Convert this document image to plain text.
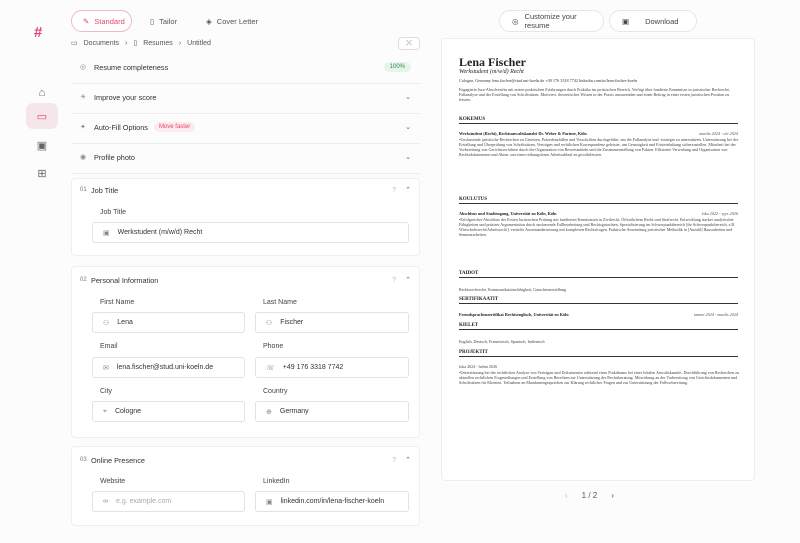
#
⌂
▭
▣
⊞
✎ Standard	▯ Tailor	◈ Cover Letter	◎ Customize your resume	▣ Download
▭ Documents › ▯ Resumes › Untitled	⤫
◎	Resume completeness	100%
☀	Improve your score	⌄
✦	Auto-Fill Options	Move faster	⌄
◉	Profile photo	⌄
01 Job Title	? ⌃
Job Title
▣ Werkstudent (m/w/d) Recht
02 Personal Information	? ⌃
First Name
⚇ Lena
Last Name
⚇ Fischer
Email
✉ lena.fischer@stud.uni-koeln.de
Phone
☏ +49 176 3318 7742
City
⌖ Cologne
Country
⊕ Germany
03 Online Presence	? ⌃
Website
∞ e.g. example.com
LinkedIn
▣ linkedin.com/in/lena-fischer-koeln
Lena Fischer
Werkstudent (m/w/d) Recht
Cologne, Germany lena.fischer@stud.uni-koeln.de +49 176 3318 7742 linkedin.com/in/lena-fischer-koeln
Engagierte Jura-Absolvent/in mit ersten praktischen Erfahrungen durch Praktika im juristischen Bereich. Verfügt über fundierte Kenntnisse in juristischer Recherche, Fallanalyse und der Erstellung von Schriftsätzen. Motiviert, theoretisches Wissen in der Praxis anzuwenden und einen Beitrag in einer ersten juristischen Position zu leisten.
KOKEMUS
Werkstudent (Recht), Rechtsanwaltskanzlei Dr. Weber & Partner, Köln	maalis 2024 - alv 2024
•Umfassende juristische Recherchen zu Gesetzen, Präzedenzfällen und Vorschriften durchgeführt, um die Fallanalyse und -strategie zu unterstützen. Unterstützung bei der Erstellung und Überprüfung von Schriftsätzen, Verträgen und rechtlichen Korrespondenz geleistet, um Genauigkeit und Fristeinhaltung sicherzustellen. Mitarbeit bei der Vorbereitung von Gerichtsverfahren durch die Organisation von Beweismitteln und die Zusammenstellung von Fakten. Effiziente Verwaltung und Organisation von Rechtsdokumenten und Akten, um einen reibungslosen Arbeitsablauf zu gewährleisten.
KOULUTUS
Abschluss und Studiengang, Universität zu Köln, Köln	loka 2022 - syys 2026
•Erfolgreicher Abschluss der Ersten Juristischen Prüfung mit fundierten Kenntnissen in Zivilrecht, Öffentlichem Recht und Strafrecht. Entwicklung starker analytischer Fähigkeiten und präziser Argumentation durch umfassende Fallbearbeitung und Rechtsgutachten. Spezialisierung im Schwerpunktbereich [ihr Schwerpunktbereich, z.B. Wirtschaftsrecht/Arbeitsrecht], vertiefte Auseinandersetzung mit komplexen Rechtsfragen. Praktische Anwendung juristischer Methodik in [Anzahl] Hausarbeiten und Seminararbeiten.
TAIDOT
Rechtsrecherche, Kommunikationsfähigkeit, Gutachtenerstellung
SERTIFIKAATIT
Fremdsprachenzertifikat Rechtsenglisch, Universität zu Köln	tammi 2024 - maalis 2024
KIELET
English, Deutsch, Französisch, Spanisch, Italienisch
PROJEKTIT
loka 2024 - helmi 2026
•Unterstützung bei der rechtlichen Analyse von Verträgen und Dokumenten während eines Praktikums bei einer lokalen Anwaltskanzlei. Durchführung von Recherchen zu aktuellen rechtlichen Fragestellungen und Erstellung von Berichten zur Unterstützung der Rechtsberatung. Mitwirkung an der Vorbereitung von Gerichtsdokumenten und Schriftsätzen für Klienten. Teilnahme an Mandantengesprächen zur Klärung rechtlicher Fragen und zur Unterstützung der Fallvorbereitung.
‹ 1 / 2 ›
